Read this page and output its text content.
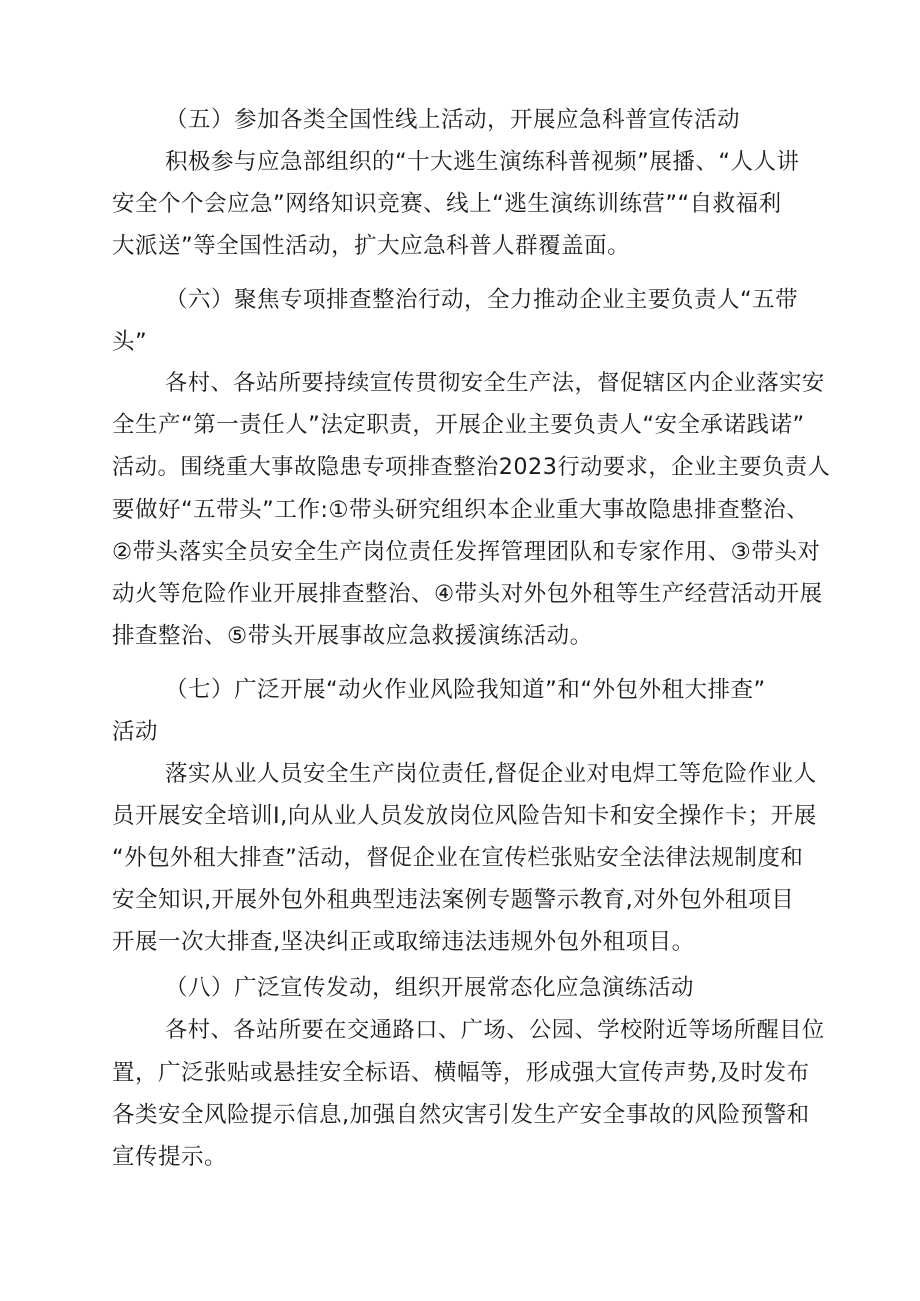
（五）参加各类全国性线上活动，开展应急科普宣传活动
积极参与应急部组织的“十大逃生演练科普视频”展播、“人人讲
安全个个会应急”网络知识竞赛、线上“逃生演练训练营”“自救福利
大派送”等全国性活动，扩大应急科普人群覆盖面。
（六）聚焦专项排查整治行动，全力推动企业主要负责人“五带
头”
各村、各站所要持续宣传贯彻安全生产法，督促辖区内企业落实安
全生产“第一责任人”法定职责，开展企业主要负责人“安全承诺践诺”
活动。围绕重大事故隐患专项排查整治2023行动要求，企业主要负责人
要做好“五带头”工作:①带头研究组织本企业重大事故隐患排查整治、
②带头落实全员安全生产岗位责任发挥管理团队和专家作用、③带头对
动火等危险作业开展排查整治、④带头对外包外租等生产经营活动开展
排查整治、⑤带头开展事故应急救援演练活动。
（七）广泛开展“动火作业风险我知道”和“外包外租大排查”
活动
落实从业人员安全生产岗位责任,督促企业对电焊工等危险作业人
员开展安全培训I,向从业人员发放岗位风险告知卡和安全操作卡；开展
“外包外租大排查”活动，督促企业在宣传栏张贴安全法律法规制度和
安全知识,开展外包外租典型违法案例专题警示教育,对外包外租项目
开展一次大排查,坚决纠正或取缔违法违规外包外租项目。
（八）广泛宣传发动，组织开展常态化应急演练活动
各村、各站所要在交通路口、广场、公园、学校附近等场所醒目位
置，广泛张贴或悬挂安全标语、横幅等，形成强大宣传声势,及时发布
各类安全风险提示信息,加强自然灾害引发生产安全事故的风险预警和
宣传提示。
